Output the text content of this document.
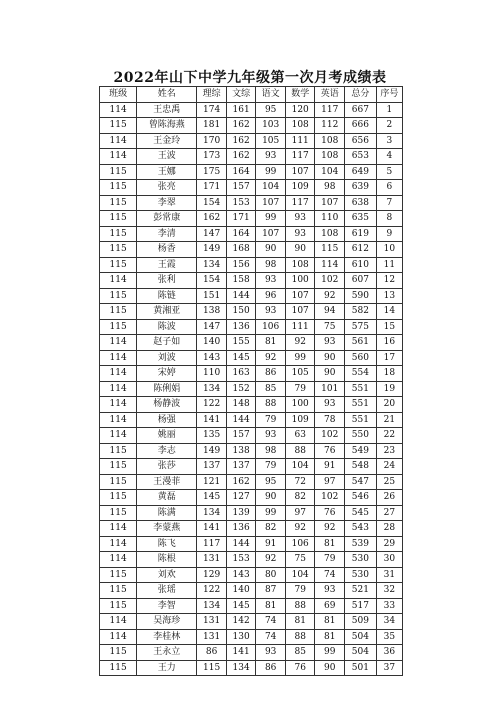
2022年山下中学九年级第一次月考成绩表
班级	姓名	理综	文综	语文	数学	英语	总分	序号
114	王忠禹	174	161	95	120	117	667	1
115	曾陈海燕	181	162	103	108	112	666	2
114	王金玲	170	162	105	111	108	656	3
114	王波	173	162	93	117	108	653	4
115	王娜	175	164	99	107	104	649	5
115	张亮	171	157	104	109	98	639	6
115	李翠	154	153	107	117	107	638	7
115	彭常康	162	171	99	93	110	635	8
115	李清	147	164	107	93	108	619	9
115	杨香	149	168	90	90	115	612	10
115	王霞	134	156	98	108	114	610	11
114	张利	154	158	93	100	102	607	12
115	陈链	151	144	96	107	92	590	13
115	黄湘亚	138	150	93	107	94	582	14
115	陈波	147	136	106	111	75	575	15
114	赵子如	140	155	81	92	93	561	16
114	刘波	143	145	92	99	90	560	17
114	宋婷	110	163	86	105	90	554	18
114	陈俐娟	134	152	85	79	101	551	19
114	杨静波	122	148	88	100	93	551	20
114	杨强	141	144	79	109	78	551	21
114	姚丽	135	157	93	63	102	550	22
115	李志	149	138	98	88	76	549	23
115	张莎	137	137	79	104	91	548	24
115	王漫菲	121	162	95	72	97	547	25
115	黄磊	145	127	90	82	102	546	26
115	陈满	134	139	99	97	76	545	27
114	李蒙燕	141	136	82	92	92	543	28
114	陈飞	117	144	91	106	81	539	29
114	陈根	131	153	92	75	79	530	30
115	刘欢	129	143	80	104	74	530	31
115	张瑶	122	140	87	79	93	521	32
115	李智	134	145	81	88	69	517	33
114	吴海珍	131	142	74	81	81	509	34
114	李桂林	131	130	74	88	81	504	35
115	王永立	86	141	93	85	99	504	36
115	王力	115	134	86	76	90	501	37
